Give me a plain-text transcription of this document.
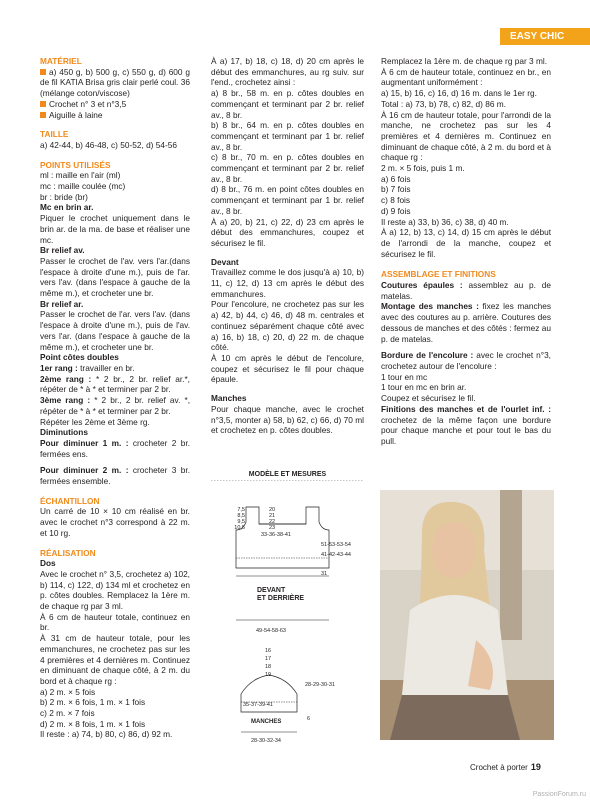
EASY CHIC

MATÉRIEL

a) 450 g, b) 500 g, c) 550 g, d) 600 g de fil KATIA Brisa gris clair perlé coul. 36 (mélange coton/viscose)

Crochet n° 3 et n°3,5

Aiguille à laine

TAILLE

a) 42-44, b) 46-48, c) 50-52, d) 54-56

POINTS UTILISÉS

ml : maille en l'air (ml)

mc : maille coulée (mc)

br : bride (br)

Mc en brin ar.

Piquer le crochet uniquement dans le brin ar. de la ma. de base et réaliser une mc.

Br relief av.

Passer le crochet de l'av. vers l'ar.(dans l'espace à droite d'une m.), puis de l'ar. vers l'av. (dans l'espace à gauche de la même m.), et crocheter une br.

Br relief ar.

Passer le crochet de l'ar. vers l'av. (dans l'espace à droite d'une m.), puis de l'av. vers l'ar. (dans l'espace à gauche de la même m.), et crocheter une br.

Point côtes doubles

1er rang : travailler en br.

2ème rang : * 2 br., 2 br. relief ar.*, répéter de * à * et terminer par 2 br.

3ème rang : * 2 br., 2 br. relief av. *, répéter de * à * et terminer par 2 br.

Répéter les 2ème et 3ème rg.

Diminutions

Pour diminuer 1 m. : crocheter 2 br. fermées ens.

Pour diminuer 2 m. : crocheter 3 br. fermées ensemble.

ÉCHANTILLON

Un carré de 10 × 10 cm réalisé en br. avec le crochet n°3 correspond à 22 m. et 10 rg.

RÉALISATION

Dos

Avec le crochet n° 3,5, crochetez a) 102, b) 114, c) 122, d) 134 ml et crochetez en p. côtes doubles. Remplacez la 1ère m. de chaque rg par 3 ml.

À 6 cm de hauteur totale, continuez en br.

À 31 cm de hauteur totale, pour les emmanchures, ne crochetez pas sur les 4 premières et 4 dernières m. Continuez en diminuant de chaque côté, à 2 m. du bord et à chaque rg :

a) 2 m. × 5 fois

b) 2 m. × 6 fois, 1 m. × 1 fois

c) 2 m. × 7 fois

d) 2 m. × 8 fois, 1 m. × 1 fois

Il reste : a) 74, b) 80, c) 86, d) 92 m.

À a) 17, b) 18, c) 18, d) 20 cm après le début des emmanchures, au rg suiv. sur l'end., crochetez ainsi :

a) 8 br., 58 m. en p. côtes doubles en commençant et terminant par 2 br. relief av., 8 br.

b) 8 br., 64 m. en p. côtes doubles en commençant et terminant par 1 br. relief av., 8 br.

c) 8 br., 70 m. en p. côtes doubles en commençant et terminant par 2 br. relief av., 8 br.

d) 8 br., 76 m. en point côtes doubles en commençant et terminant par 1 br. relief av., 8 br.

À a) 20, b) 21, c) 22, d) 23 cm après le début des emmanchures, coupez et sécurisez le fil.

Devant

Travaillez comme le dos jusqu'à a) 10, b) 11, c) 12, d) 13 cm après le début des emmanchures.

Pour l'encolure, ne crochetez pas sur les a) 42, b) 44, c) 46, d) 48 m. centrales et continuez séparément chaque côté avec a) 16, b) 18, c) 20, d) 22 m. de chaque côté.

À 10 cm après le début de l'encolure, coupez et sécurisez le fil pour chaque épaule.

Manches

Pour chaque manche, avec le crochet n°3,5, monter a) 58, b) 62, c) 66, d) 70 ml et crochetez en p. côtes doubles.

Remplacez la 1ère m. de chaque rg par 3 ml.

À 6 cm de hauteur totale, continuez en br., en augmentant uniformément :

a) 15, b) 16, c) 16, d) 16 m. dans le 1er rg.

Total : a) 73, b) 78, c) 82, d) 86 m.

À 16 cm de hauteur totale, pour l'arrondi de la manche, ne crochetez pas sur les 4 premières et 4 dernières m. Continuez en diminuant de chaque côté, à 2 m. du bord et à chaque rg :

2 m. × 5 fois, puis 1 m.

a) 6 fois

b) 7 fois

c) 8 fois

d) 9 fois

Il reste a) 33, b) 36, c) 38, d) 40 m.

À a) 12, b) 13, c) 14, d) 15 cm après le début de l'arrondi de la manche, coupez et sécurisez le fil.

ASSEMBLAGE ET FINITIONS

Coutures épaules : assemblez au p. de matelas.

Montage des manches : fixez les manches avec des coutures au p. arrière. Coutures des dessous de manches et des côtés : fermez au p. de matelas.

Bordure de l'encolure : avec le crochet n°3, crochetez autour de l'encolure :

1 tour en mc

1 tour en mc en brin ar.

Coupez et sécurisez le fil.

Finitions des manches et de l'ourlet inf. : crochetez de la même façon une bordure pour chaque manche et pour tout le bas du pull.

MODÈLE ET MESURES
7,5
8,5
9,5
10,5
20
21
22
23
33-36-38-41
51-53-53-54
41-42-43-44
31
DEVANT ET DERRIÈRE
49-54-58-63
16
17
18
19
28-29-30-31
35-37-39-41
6
MANCHES
28-30-32-34
Crochet à porter 19
PassionForum.ru
